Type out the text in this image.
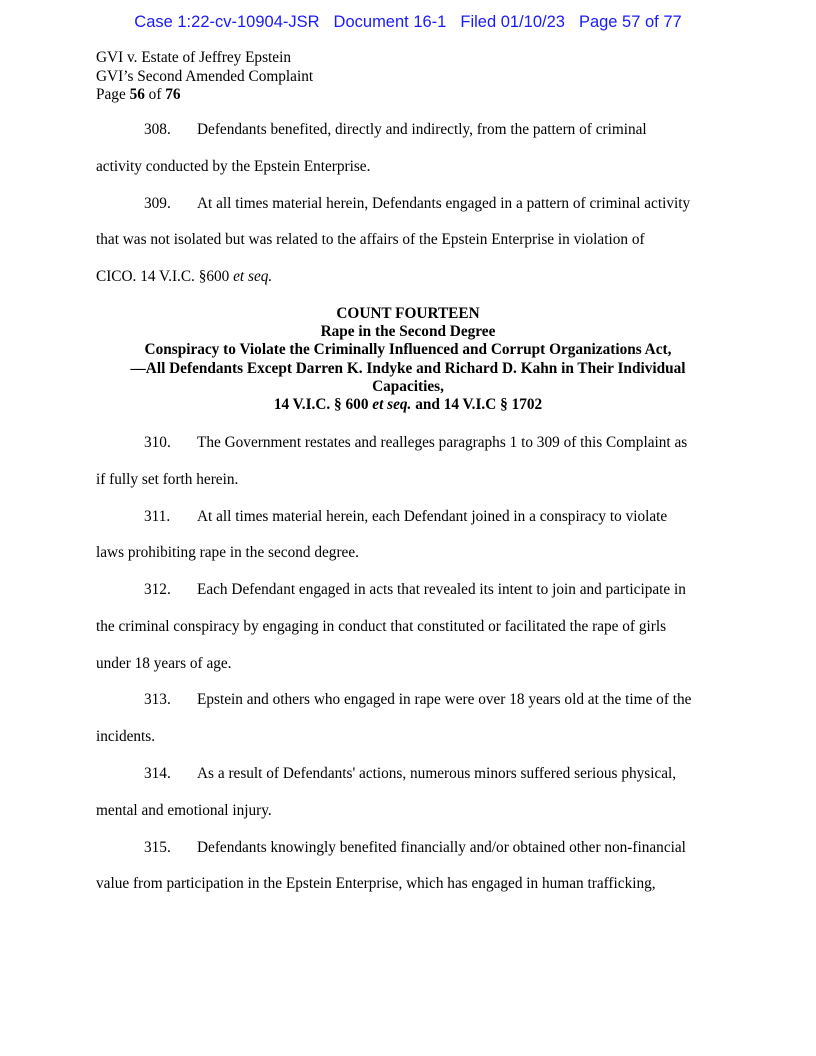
Case 1:22-cv-10904-JSR Document 16-1 Filed 01/10/23 Page 57 of 77
GVI v. Estate of Jeffrey Epstein
GVI’s Second Amended Complaint
Page 56 of 76
308. Defendants benefited, directly and indirectly, from the pattern of criminal
activity conducted by the Epstein Enterprise.
309. At all times material herein, Defendants engaged in a pattern of criminal activity
that was not isolated but was related to the affairs of the Epstein Enterprise in violation of
CICO. 14 V.I.C. §600 et seq.
310. The Government restates and realleges paragraphs 1 to 309 of this Complaint as
if fully set forth herein.
311. At all times material herein, each Defendant joined in a conspiracy to violate
laws prohibiting rape in the second degree.
312. Each Defendant engaged in acts that revealed its intent to join and participate in
the criminal conspiracy by engaging in conduct that constituted or facilitated the rape of girls
under 18 years of age.
313. Epstein and others who engaged in rape were over 18 years old at the time of the
incidents.
314. As a result of Defendants' actions, numerous minors suffered serious physical,
mental and emotional injury.
315. Defendants knowingly benefited financially and/or obtained other non-financial
value from participation in the Epstein Enterprise, which has engaged in human trafficking,
COUNT FOURTEEN
Rape in the Second Degree
Conspiracy to Violate the Criminally Influenced and Corrupt Organizations Act,
—All Defendants Except Darren K. Indyke and Richard D. Kahn in Their Individual
Capacities,
14 V.I.C. § 600 et seq. and 14 V.I.C § 1702
